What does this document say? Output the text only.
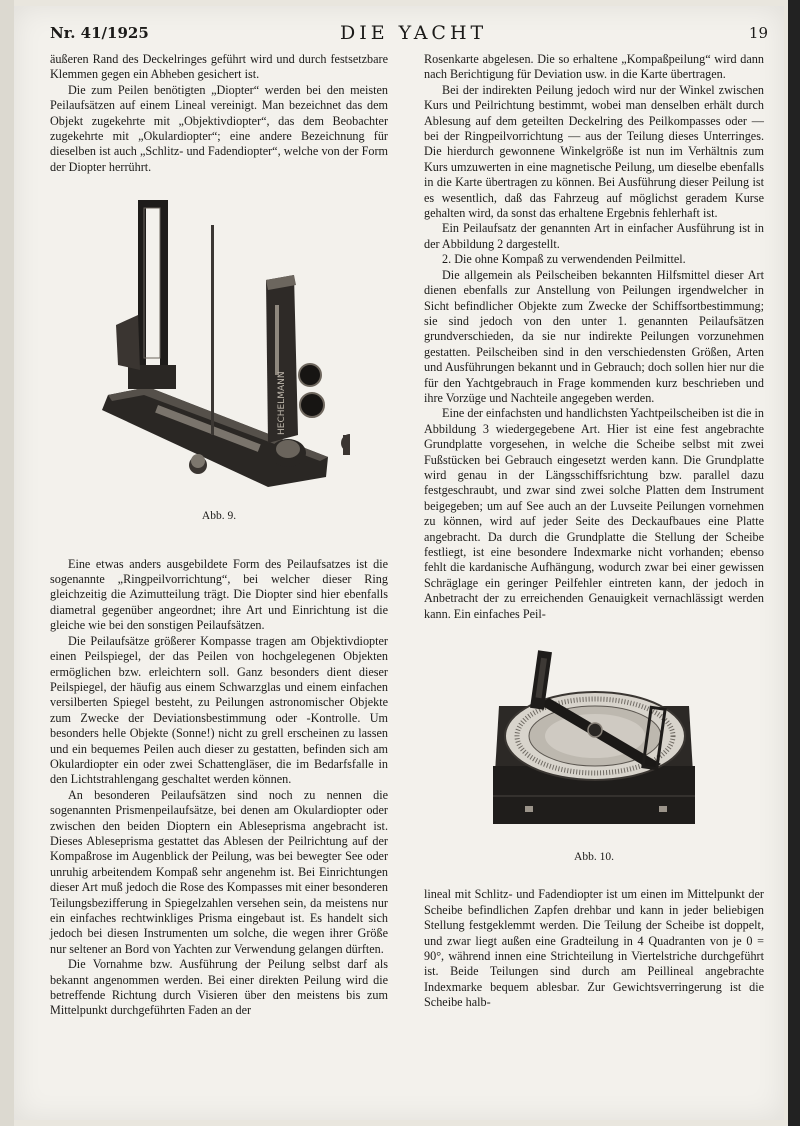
Nr. 41/1925	DIE YACHT	19

äußeren Rand des Deckelringes geführt wird und durch festsetzbare Klemmen gegen ein Abheben gesichert ist.

Die zum Peilen benötigten „Diopter“ werden bei den meisten Peilaufsätzen auf einem Lineal vereinigt. Man bezeichnet das dem Objekt zugekehrte mit „Objektivdiopter“, das dem Beobachter zugekehrte mit „Okulardiopter“; eine andere Bezeichnung für dieselben ist auch „Schlitz- und Fadendiopter“, welche von der Form der Diopter herrührt.

HECHELMANN
Abb. 9.

Eine etwas anders ausgebildete Form des Peilaufsatzes ist die sogenannte „Ringpeilvorrichtung“, bei welcher dieser Ring gleichzeitig die Azimutteilung trägt. Die Diopter sind hier ebenfalls diametral gegenüber angeordnet; ihre Art und Einrichtung ist die gleiche wie bei den sonstigen Peilaufsätzen.

Die Peilaufsätze größerer Kompasse tragen am Objektivdiopter einen Peilspiegel, der das Peilen von hochgelegenen Objekten ermöglichen bzw. erleichtern soll. Ganz besonders dient dieser Peilspiegel, der häufig aus einem Schwarzglas und einem einfachen versilberten Spiegel besteht, zu Peilungen astronomischer Objekte zum Zwecke der Deviationsbestimmung oder -Kontrolle. Um besonders helle Objekte (Sonne!) nicht zu grell erscheinen zu lassen und ein bequemes Peilen auch dieser zu gestatten, befinden sich am Okulardiopter ein oder zwei Schattengläser, die im Bedarfsfalle in den Lichtstrahlengang geschaltet werden können.

An besonderen Peilaufsätzen sind noch zu nennen die sogenannten Prismenpeilaufsätze, bei denen am Okulardiopter oder zwischen den beiden Dioptern ein Ableseprisma angebracht ist. Dieses Ableseprisma gestattet das Ablesen der Peilrichtung auf der Kompaßrose im Augenblick der Peilung, was bei bewegter See oder unruhig arbeitendem Kompaß sehr angenehm ist. Bei Einrichtungen dieser Art muß jedoch die Rose des Kompasses mit einer besonderen Teilungsbezifferung in Spiegelzahlen versehen sein, da meistens nur ein einfaches rechtwinkliges Prisma eingebaut ist. Es handelt sich jedoch bei diesen Instrumenten um solche, die wegen ihrer Größe nur seltener an Bord von Yachten zur Verwendung gelangen dürften.

Die Vornahme bzw. Ausführung der Peilung selbst darf als bekannt angenommen werden. Bei einer direkten Peilung wird die betreffende Richtung durch Visieren über den meistens bis zum Mittelpunkt durchgeführten Faden an der

Rosenkarte abgelesen. Die so erhaltene „Kompaßpeilung“ wird dann nach Berichtigung für Deviation usw. in die Karte übertragen.

Bei der indirekten Peilung jedoch wird nur der Winkel zwischen Kurs und Peilrichtung bestimmt, wobei man denselben erhält durch Ablesung auf dem geteilten Deckelring des Peilkompasses oder — bei der Ringpeilvorrichtung — aus der Teilung dieses Unterringes. Die hierdurch gewonnene Winkelgröße ist nun im Verhältnis zum Kurs umzuwerten in eine magnetische Peilung, um dieselbe ebenfalls in die Karte übertragen zu können. Bei Ausführung dieser Peilung ist es wesentlich, daß das Fahrzeug auf möglichst geradem Kurse gehalten wird, da sonst das erhaltene Ergebnis fehlerhaft ist.

Ein Peilaufsatz der genannten Art in einfacher Ausführung ist in der Abbildung 2 dargestellt.

2. Die ohne Kompaß zu verwendenden Peilmittel.

Die allgemein als Peilscheiben bekannten Hilfsmittel dieser Art dienen ebenfalls zur Anstellung von Peilungen irgendwelcher in Sicht befindlicher Objekte zum Zwecke der Schiffsortbestimmung; sie sind jedoch von den unter 1. genannten Peilaufsätzen grundverschieden, da sie nur indirekte Peilungen vorzunehmen gestatten. Peilscheiben sind in den verschiedensten Größen, Arten und Ausführungen bekannt und in Gebrauch; doch sollen hier nur die für den Yachtgebrauch in Frage kommenden kurz beschrieben und ihre Vorzüge und Nachteile angegeben werden.

Eine der einfachsten und handlichsten Yachtpeilscheiben ist die in Abbildung 3 wiedergegebene Art. Hier ist eine fest angebrachte Grundplatte vorgesehen, in welche die Scheibe selbst mit zwei Fußstücken bei Gebrauch eingesetzt werden kann. Die Grundplatte wird genau in der Längsschiffsrichtung bzw. parallel dazu festgeschraubt, und zwar sind zwei solche Platten dem Instrument beigegeben; um auf See auch an der Luvseite Peilungen vornehmen zu können, wird auf jeder Seite des Deckaufbaues eine Platte angebracht. Da durch die Grundplatte die Stellung der Scheibe festliegt, ist eine besondere Indexmarke nicht vorhanden; ebenso fehlt die kardanische Aufhängung, wodurch zwar bei einer gewissen Schräglage ein geringer Peilfehler eintreten kann, der jedoch in Anbetracht der zu erreichenden Genauigkeit vernachlässigt werden kann. Ein einfaches Peil-

Abb. 10.

lineal mit Schlitz- und Fadendiopter ist um einen im Mittelpunkt der Scheibe befindlichen Zapfen drehbar und kann in jeder beliebigen Stellung festgeklemmt werden. Die Teilung der Scheibe ist doppelt, und zwar liegt außen eine Gradteilung in 4 Quadranten von je 0 = 90°, während innen eine Strichteilung in Viertelstriche durchgeführt ist. Beide Teilungen sind durch am Peillineal angebrachte Indexmarke bequem ablesbar. Zur Gewichtsverringerung ist die Scheibe halb-
